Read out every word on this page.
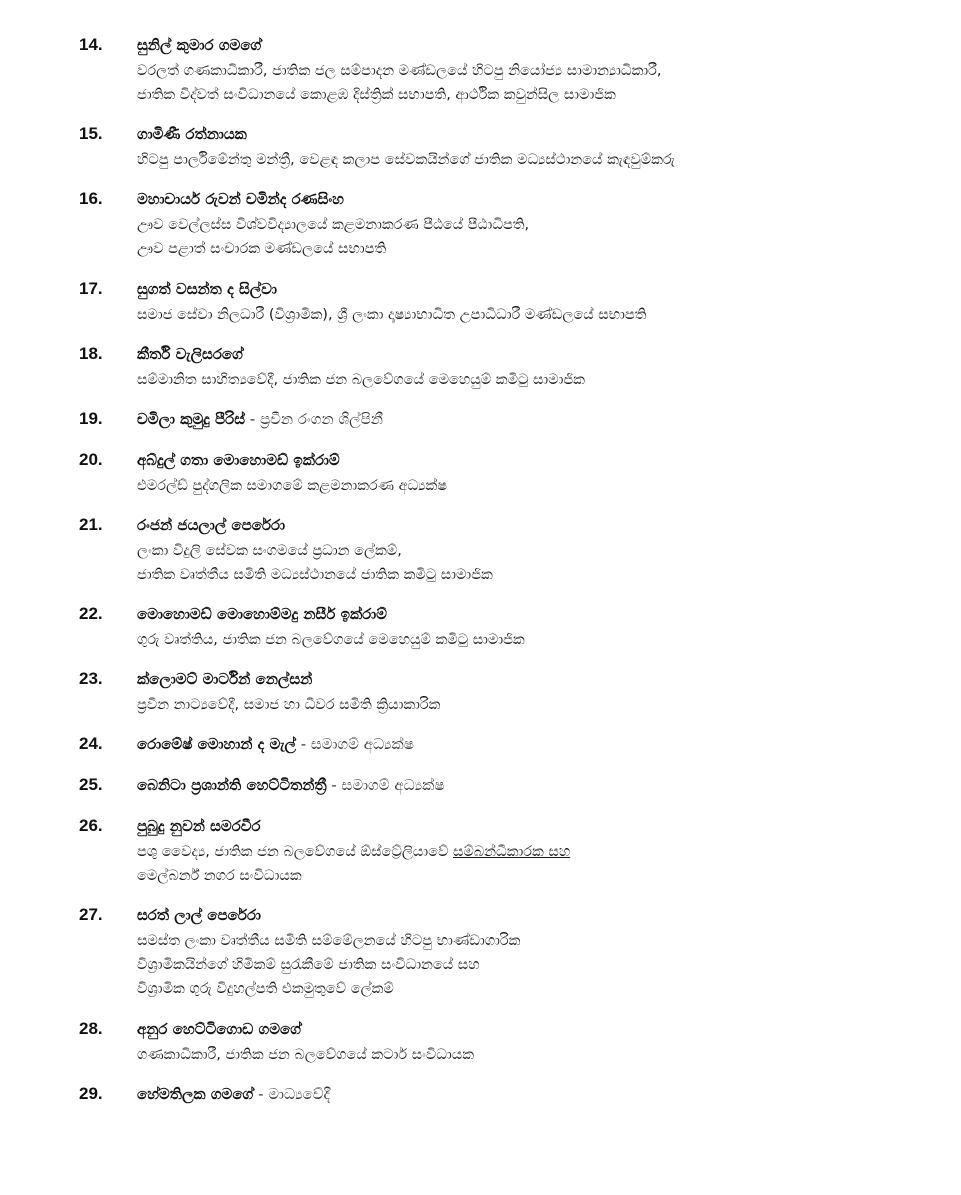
14. සුනිල් කුමාර ගමගේ
වරලත් ගණකාධිකාරී, ජාතික ජල සම්පාදන මණ්ඩලයේ හිටපු නියෝජ්‍ය සාමාන්‍යාධිකාරී,
ජාතික විද්වත් සංවිධානයේ කොළඹ දිස්ත්‍රික් සභාපති, ආර්ථික කවුන්සිල සාමාජික
15. ගාමිණී රත්නායක
හිටපු පාර්ලිමේන්තු මන්ත්‍රී, වෙළඳ කලාප සේවකයින්ගේ ජාතික මධ්‍යස්ථානයේ කැඳවුම්කරු
16. මහාචාර්ය රුවන් චමින්ද රණසිංහ
ඌව වෙල්ලස්ස විශ්වවිද්‍යාලයේ කළමනාකරණ පීඨයේ පීඨාධිපති,
ඌව පළාත් සංචාරක මණ්ඩලයේ සභාපති
17. සුගත් වසන්ත ද සිල්වා
සමාජ සේවා නිලධාරී (විශ්‍රාමික), ශ්‍රී ලංකා දෘෂ්‍යාභාධිත උපාධිධාරී මණ්ඩලයේ සභාපති
18. කීර්ති වැලිසරගේ
සම්මානිත සාහිත්‍යවේදී, ජාතික ජන බලවේගයේ මෙහෙයුම් කමිටු සාමාජික
19. චමිලා කුමුදු පීරිස් - ප්‍රවීන රංගන ශිල්පිනී
20. අබ්දුල් ගතා මොහොමඩ් ඉක්රාම්
එමරල්ඩ් පුද්ගලික සමාගමේ කළමනාකරණ අධ්‍යක්ෂ
21. රංජන් ජයලාල් පෙරේරා
ලංකා විදුලි සේවක සංගමයේ ප්‍රධාන ලේකම්,
ජාතික වෘත්තීය සමිති මධ්‍යස්ථානයේ ජාතික කමිටු සාමාජික
22. මොහොමඩ් මොහොම්මදු නසීර් ඉක්රාම්
ගුරු වෘත්තිය, ජාතික ජන බලවේගයේ මෙහෙයුම් කමිටු සාමාජික
23. ක්ලොමට් මාර්ටින් නෙල්සන්
ප්‍රවීන නාට්‍යවේදී, සමාජ හා ධීවර සමිති ක්‍රියාකාරික
24. රොමේෂ් මොහාන් ද මැල් - සමාගම් අධ්‍යක්ෂ
25. බෙනිටා ප්‍රශාන්ති හෙට්ටිතන්ත්‍රී - සමාගම් අධ්‍යක්ෂ
26. පුබුදු නුවන් සමරවීර
පශු වෛද්‍ය, ජාතික ජන බලවේගයේ ඕස්ට්‍රේලියාවේ සම්බන්ධීකාරක සහ
මෙල්බර්න් නගර සංවිධායක
27. සරත් ලාල් පෙරේරා
සමස්ත ලංකා වෘත්තීය සමිති සම්මේලනයේ හිටපු භාණ්ඩාගාරික
විශ්‍රාමිකයින්ගේ හිමිකම් සුරැකීමේ ජාතික සංවිධානයේ සහ
විශ්‍රාමික ගුරු විදුහල්පති එකමුතුවේ ලේකම්
28. අනුර හෙට්ටිගොඩ ගමගේ
ගණකාධිකාරී, ජාතික ජන බලවේගයේ කටාර් සංවිධායක
29. හේමතිලක ගමගේ - මාධ්‍යවේදී
